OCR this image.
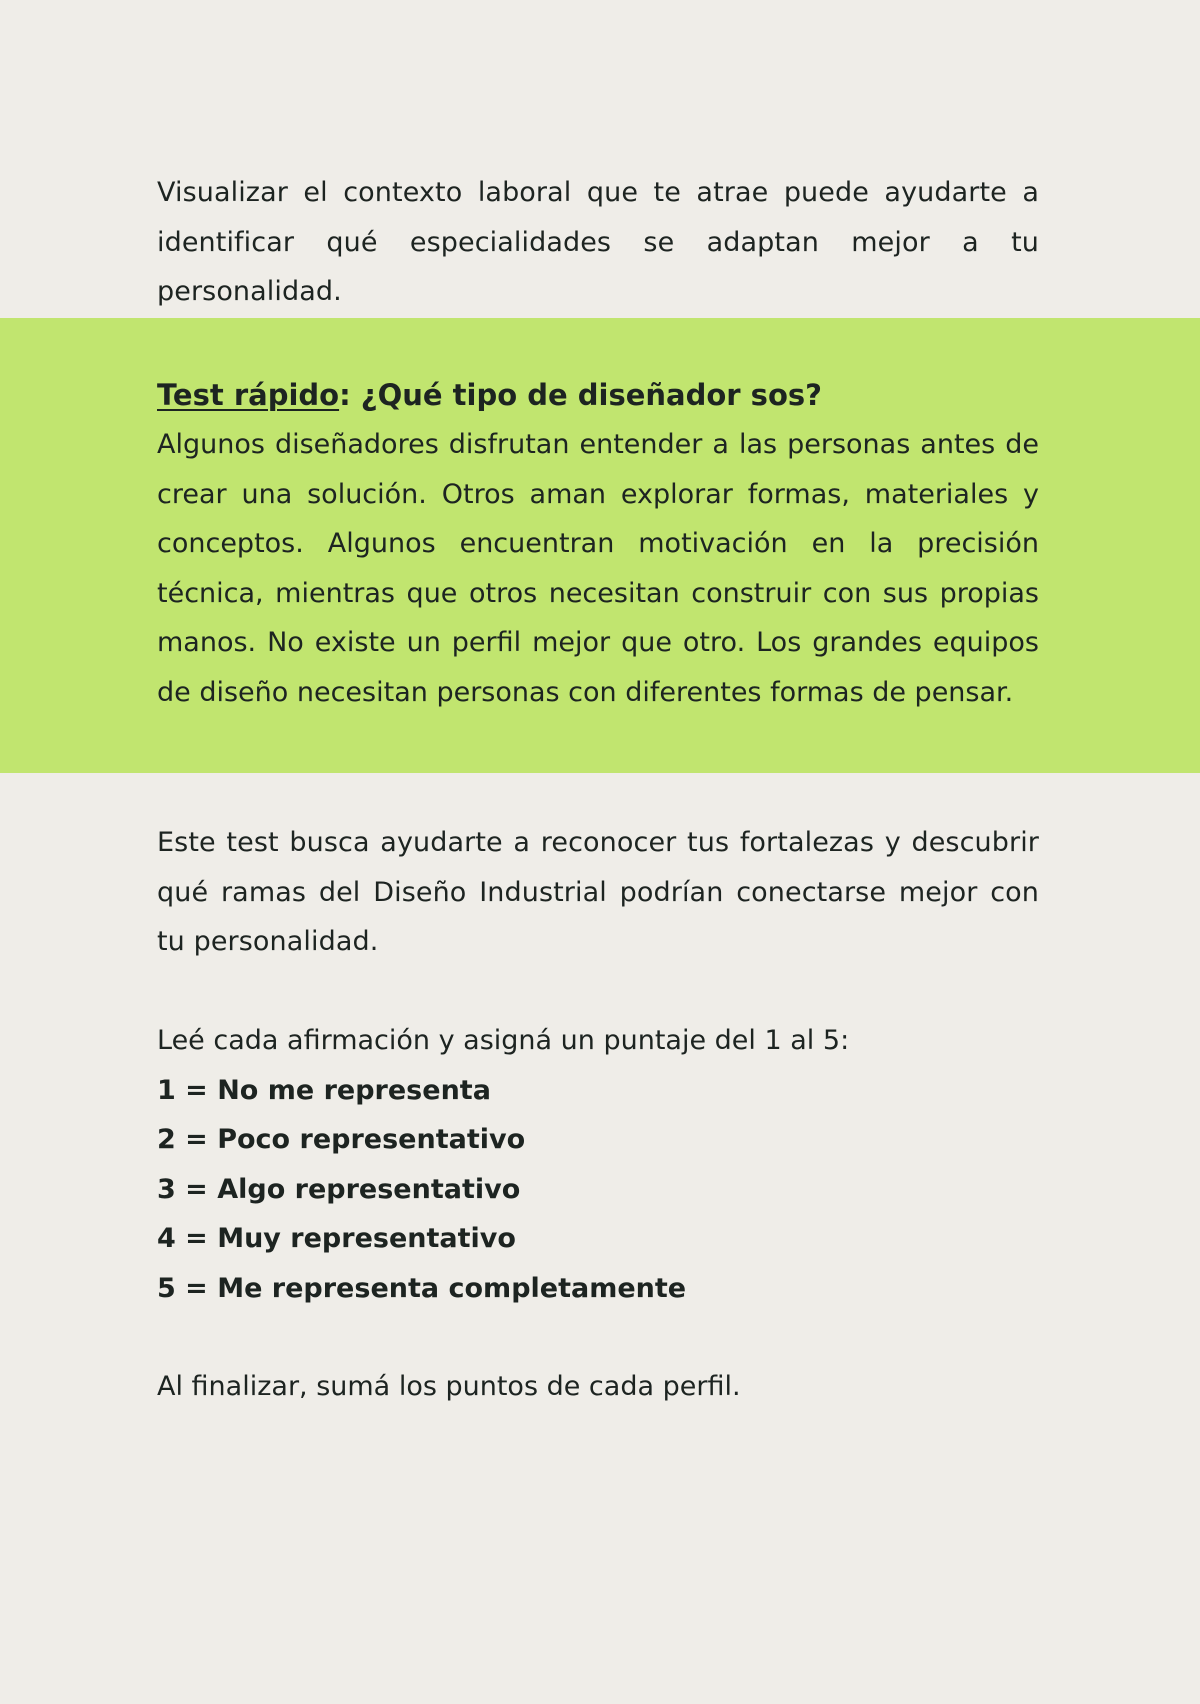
Visualizar el contexto laboral que te atrae puede ayudarte a identificar qué especialidades se adaptan mejor a tu personalidad.

Test rápido: ¿Qué tipo de diseñador sos?

Algunos diseñadores disfrutan entender a las personas antes de crear una solución. Otros aman explorar formas, materiales y conceptos. Algunos encuentran motivación en la precisión técnica, mientras que otros necesitan construir con sus propias manos. No existe un perfil mejor que otro. Los grandes equipos de diseño necesitan personas con diferentes formas de pensar.

Este test busca ayudarte a reconocer tus fortalezas y descubrir qué ramas del Diseño Industrial podrían conectarse mejor con tu personalidad.

Leé cada afirmación y asigná un puntaje del 1 al 5:
1 = No me representa
2 = Poco representativo
3 = Algo representativo
4 = Muy representativo
5 = Me representa completamente

Al finalizar, sumá los puntos de cada perfil.
